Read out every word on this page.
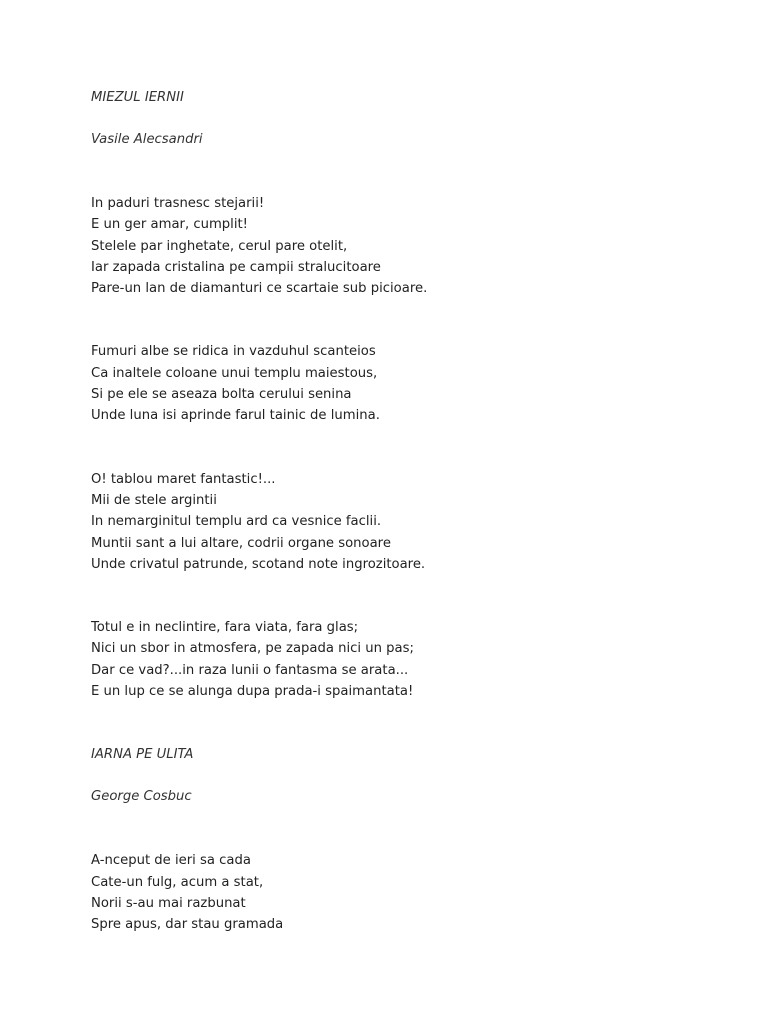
MIEZUL IERNII
Vasile Alecsandri
In paduri trasnesc stejarii!
E un ger amar, cumplit!
Stelele par inghetate, cerul pare otelit,
Iar zapada cristalina pe campii stralucitoare
Pare-un lan de diamanturi ce scartaie sub picioare.
Fumuri albe se ridica in vazduhul scanteios
Ca inaltele coloane unui templu maiestous,
Si pe ele se aseaza bolta cerului senina
Unde luna isi aprinde farul tainic de lumina.
O! tablou maret fantastic!...
Mii de stele argintii
In nemarginitul templu ard ca vesnice faclii.
Muntii sant a lui altare, codrii organe sonoare
Unde crivatul patrunde, scotand note ingrozitoare.
Totul e in neclintire, fara viata, fara glas;
Nici un sbor in atmosfera, pe zapada nici un pas;
Dar ce vad?...in raza lunii o fantasma se arata...
E un lup ce se alunga dupa prada-i spaimantata!
IARNA PE ULITA
George Cosbuc
A-nceput de ieri sa cada
Cate-un fulg, acum a stat,
Norii s-au mai razbunat
Spre apus, dar stau gramada
